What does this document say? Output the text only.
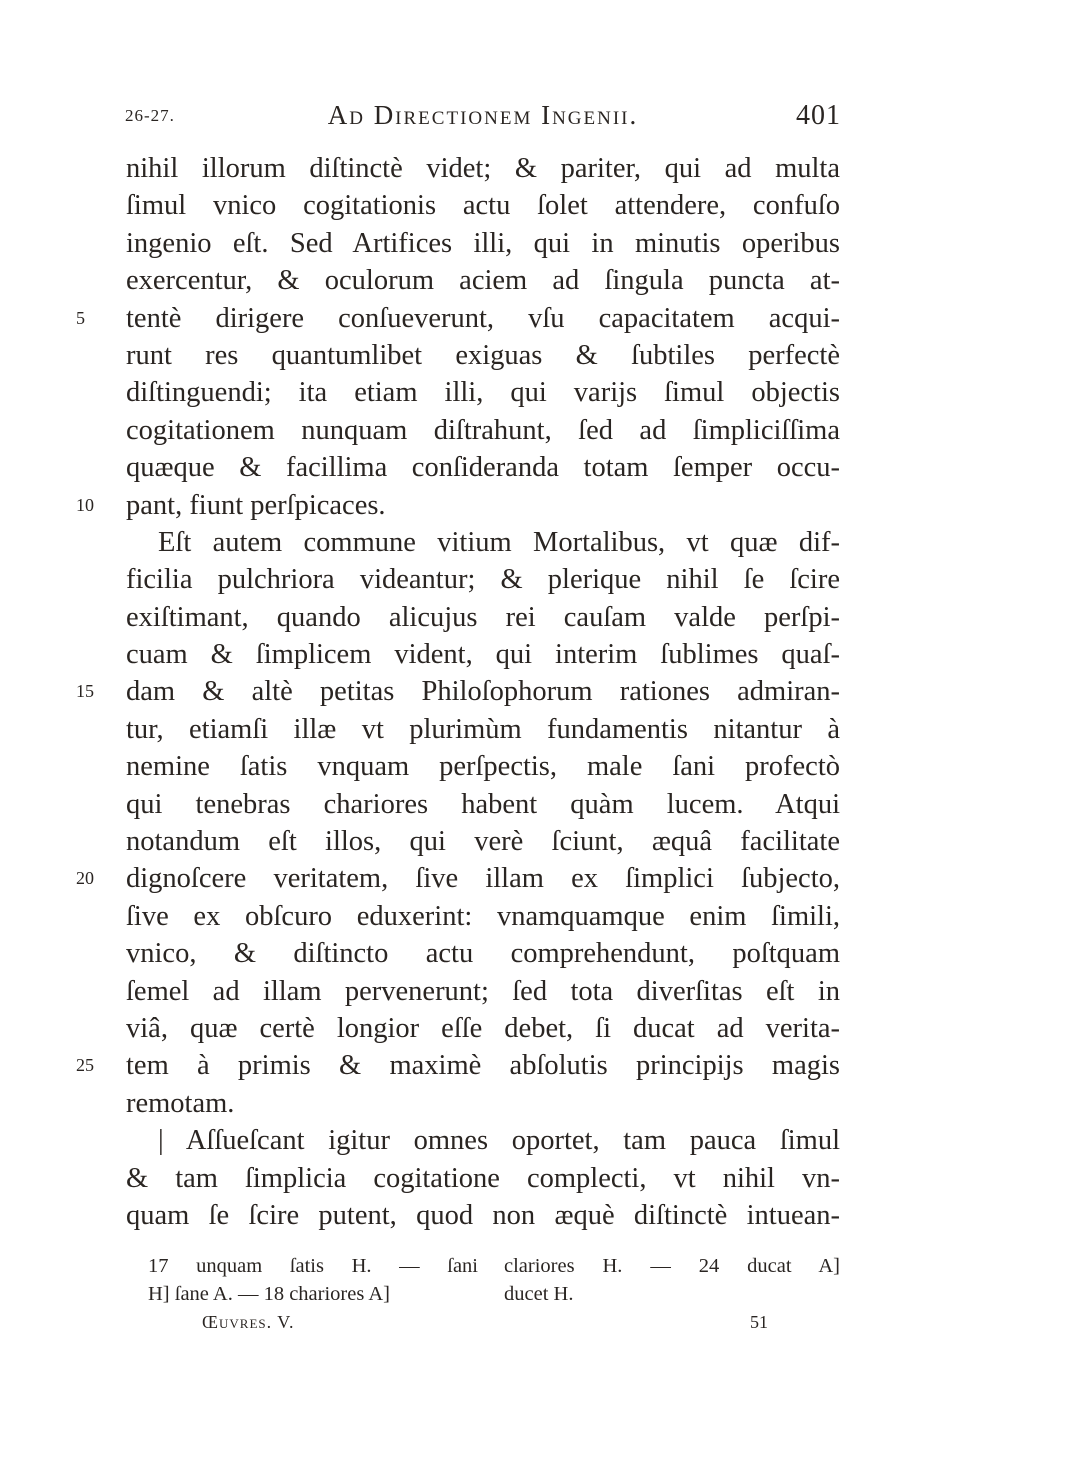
26-27.	Ad Directionem Ingenii.	401
nihil illorum diſtinctè videt; & pariter, qui ad multa
ſimul vnico cogitationis actu ſolet attendere, confuſo
ingenio eſt. Sed Artifices illi, qui in minutis operibus
exercentur, & oculorum aciem ad ſingula puncta at-
5	tentè dirigere conſueverunt, vſu capacitatem acqui-
runt res quantumlibet exiguas & ſubtiles perfectè
diſtinguendi; ita etiam illi, qui varijs ſimul objectis
cogitationem nunquam diſtrahunt, ſed ad ſimpliciſſima
quæque & facillima conſideranda totam ſemper occu-
10	pant, fiunt perſpicaces.
Eſt autem commune vitium Mortalibus, vt quæ dif-
ficilia pulchriora videantur; & plerique nihil ſe ſcire
exiſtimant, quando alicujus rei cauſam valde perſpi-
cuam & ſimplicem vident, qui interim ſublimes quaſ-
15	dam & altè petitas Philoſophorum rationes admiran-
tur, etiamſi illæ vt plurimùm fundamentis nitantur à
nemine ſatis vnquam perſpectis, male ſani profectò
qui tenebras chariores habent quàm lucem. Atqui
notandum eſt illos, qui verè ſciunt, æquâ facilitate
20	dignoſcere veritatem, ſive illam ex ſimplici ſubjecto,
ſive ex obſcuro eduxerint: vnamquamque enim ſimili,
vnico, & diſtincto actu comprehendunt, poſtquam
ſemel ad illam pervenerunt; ſed tota diverſitas eſt in
viâ, quæ certè longior eſſe debet, ſi ducat ad verita-
25	tem à primis & maximè abſolutis principijs magis
remotam.
| Aſſueſcant igitur omnes oportet, tam pauca ſimul
& tam ſimplicia cogitatione complecti, vt nihil vn-
quam ſe ſcire putent, quod non æquè diſtinctè intuean-
17 unquam ſatis H. — ſani
H] ſane A. — 18 chariores A]
clariores H. — 24 ducat A]
ducet H.
Œuvres. V.	51
